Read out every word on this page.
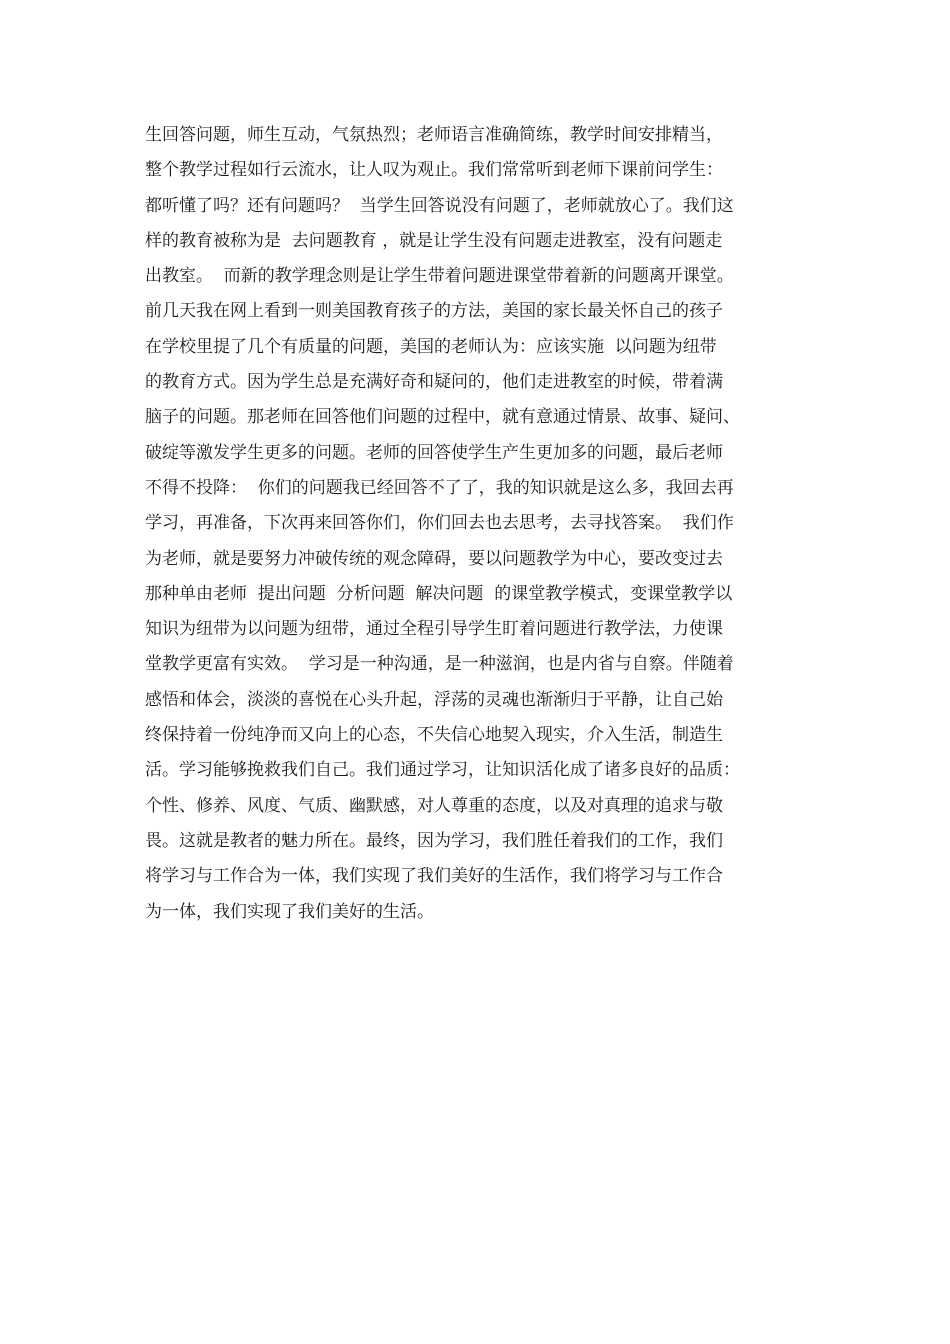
生回答问题，师生互动，气氛热烈；老师语言准确简练，教学时间安排精当，
整个教学过程如行云流水，让人叹为观止。我们常常听到老师下课前问学生：
都听懂了吗？还有问题吗？  当学生回答说没有问题了，老师就放心了。我们这
样的教育被称为是  去问题教育 ，就是让学生没有问题走进教室，没有问题走
出教室。  而新的教学理念则是让学生带着问题进课堂带着新的问题离开课堂。
前几天我在网上看到一则美国教育孩子的方法，美国的家长最关怀自己的孩子
在学校里提了几个有质量的问题，美国的老师认为：应该实施  以问题为纽带
的教育方式。因为学生总是充满好奇和疑问的，他们走进教室的时候，带着满
脑子的问题。那老师在回答他们问题的过程中，就有意通过情景、故事、疑问、
破绽等激发学生更多的问题。老师的回答使学生产生更加多的问题，最后老师
不得不投降：  你们的问题我已经回答不了了，我的知识就是这么多，我回去再
学习，再准备，下次再来回答你们，你们回去也去思考，去寻找答案。  我们作
为老师，就是要努力冲破传统的观念障碍，要以问题教学为中心，要改变过去
那种单由老师  提出问题  分析问题  解决问题  的课堂教学模式，变课堂教学以
知识为纽带为以问题为纽带，通过全程引导学生盯着问题进行教学法，力使课
堂教学更富有实效。  学习是一种沟通，是一种滋润，也是内省与自察。伴随着
感悟和体会，淡淡的喜悦在心头升起，浮荡的灵魂也渐渐归于平静，让自己始
终保持着一份纯净而又向上的心态，不失信心地契入现实，介入生活，制造生
活。学习能够挽救我们自己。我们通过学习，让知识活化成了诸多良好的品质：
个性、修养、风度、气质、幽默感，对人尊重的态度，以及对真理的追求与敬
畏。这就是教者的魅力所在。最终，因为学习，我们胜任着我们的工作，我们
将学习与工作合为一体，我们实现了我们美好的生活作，我们将学习与工作合
为一体，我们实现了我们美好的生活。
